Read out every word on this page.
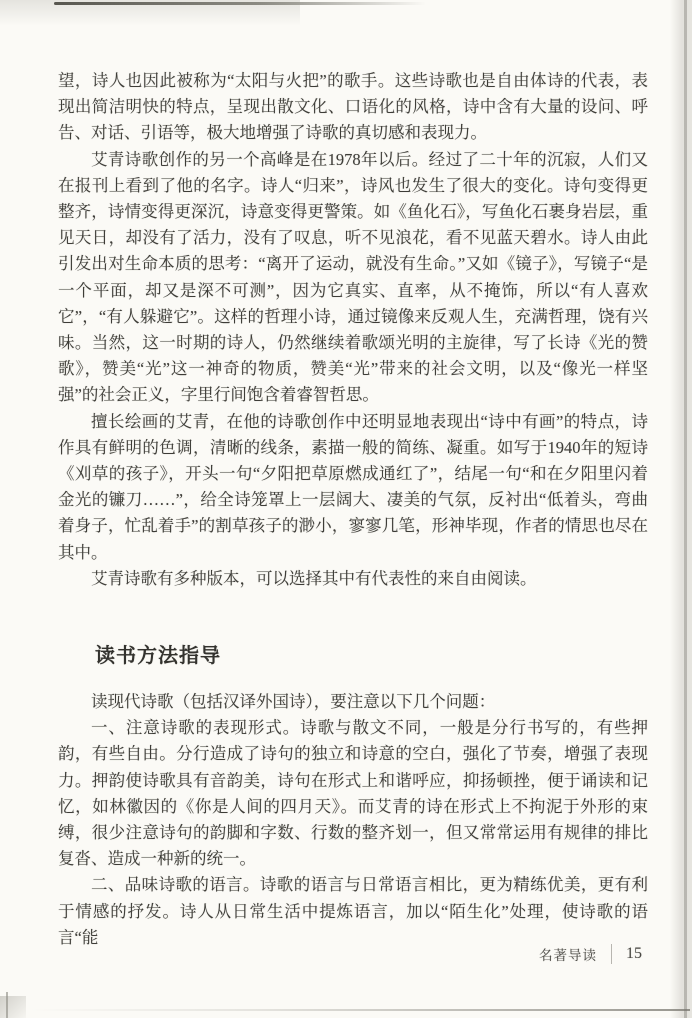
望，诗人也因此被称为“太阳与火把”的歌手。这些诗歌也是自由体诗的代表，表现出简洁明快的特点，呈现出散文化、口语化的风格，诗中含有大量的设问、呼告、对话、引语等，极大地增强了诗歌的真切感和表现力。

艾青诗歌创作的另一个高峰是在1978年以后。经过了二十年的沉寂，人们又在报刊上看到了他的名字。诗人“归来”，诗风也发生了很大的变化。诗句变得更整齐，诗情变得更深沉，诗意变得更警策。如《鱼化石》，写鱼化石裹身岩层，重见天日，却没有了活力，没有了叹息，听不见浪花，看不见蓝天碧水。诗人由此引发出对生命本质的思考：“离开了运动，就没有生命。”又如《镜子》，写镜子“是一个平面，却又是深不可测”，因为它真实、直率，从不掩饰，所以“有人喜欢它”，“有人躲避它”。这样的哲理小诗，通过镜像来反观人生，充满哲理，饶有兴味。当然，这一时期的诗人，仍然继续着歌颂光明的主旋律，写了长诗《光的赞歌》，赞美“光”这一神奇的物质，赞美“光”带来的社会文明，以及“像光一样坚强”的社会正义，字里行间饱含着睿智哲思。

擅长绘画的艾青，在他的诗歌创作中还明显地表现出“诗中有画”的特点，诗作具有鲜明的色调，清晰的线条，素描一般的简练、凝重。如写于1940年的短诗《刈草的孩子》，开头一句“夕阳把草原燃成通红了”，结尾一句“和在夕阳里闪着金光的镰刀……”，给全诗笼罩上一层阔大、凄美的气氛，反衬出“低着头，弯曲着身子，忙乱着手”的割草孩子的渺小，寥寥几笔，形神毕现，作者的情思也尽在其中。

艾青诗歌有多种版本，可以选择其中有代表性的来自由阅读。

读书方法指导

读现代诗歌（包括汉译外国诗），要注意以下几个问题：

一、注意诗歌的表现形式。诗歌与散文不同，一般是分行书写的，有些押韵，有些自由。分行造成了诗句的独立和诗意的空白，强化了节奏，增强了表现力。押韵使诗歌具有音韵美，诗句在形式上和谐呼应，抑扬顿挫，便于诵读和记忆，如林徽因的《你是人间的四月天》。而艾青的诗在形式上不拘泥于外形的束缚，很少注意诗句的韵脚和字数、行数的整齐划一，但又常常运用有规律的排比复沓、造成一种新的统一。

二、品味诗歌的语言。诗歌的语言与日常语言相比，更为精练优美，更有利于情感的抒发。诗人从日常生活中提炼语言，加以“陌生化”处理，使诗歌的语言“能

名著导读 15
